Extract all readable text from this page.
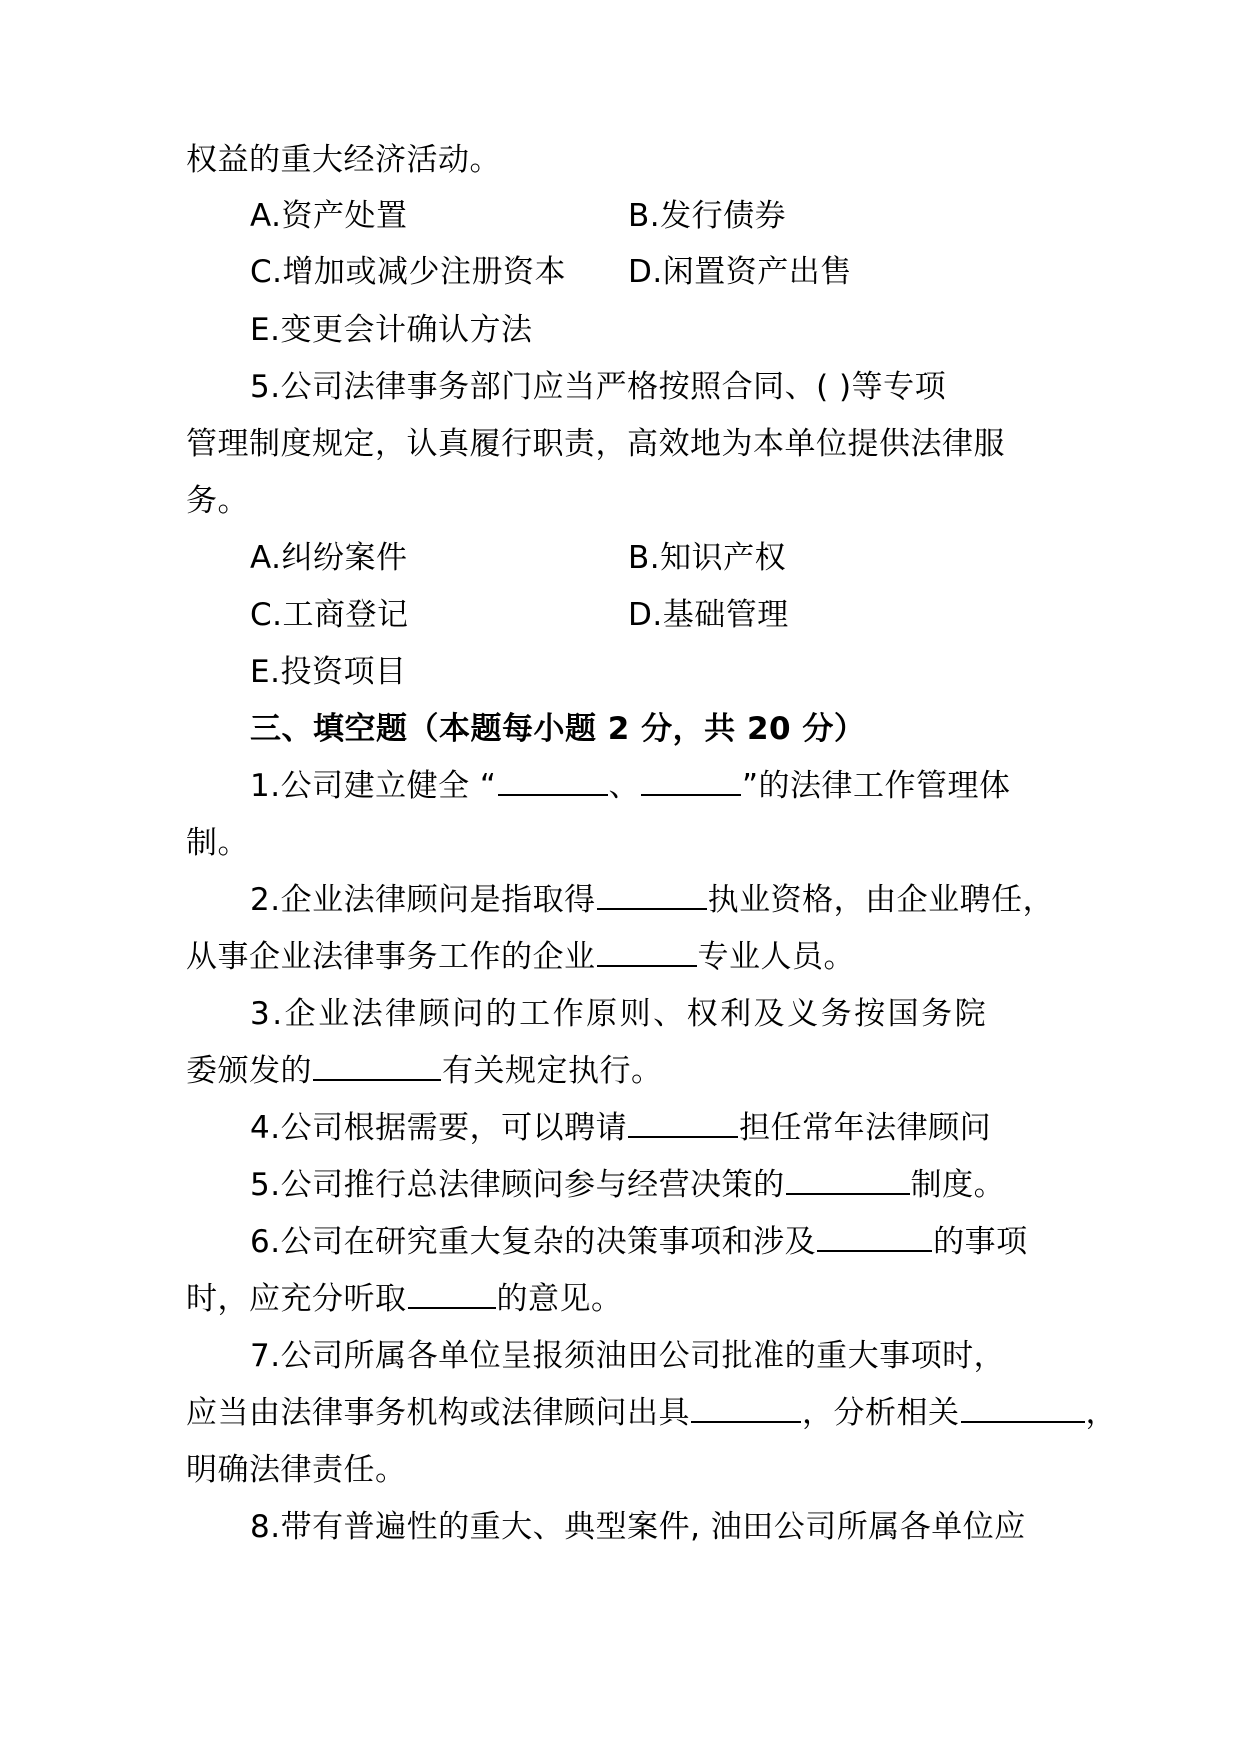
权益的重大经济活动。
A.资产处置	B.发行债券
C.增加或减少注册资本 D.闲置资产出售
E.变更会计确认方法
5.公司法律事务部门应当严格按照合同、( )等专项
管理制度规定，认真履行职责，高效地为本单位提供法律服
务。
A.纠纷案件	B.知识产权
C.工商登记	D.基础管理
E.投资项目
三、填空题（本题每小题 2 分，共 20 分）
1.公司建立健全 “	、	”的法律工作管理体
制。
2.企业法律顾问是指取得	执业资格，由企业聘任，
从事企业法律事务工作的企业	专业人员。
3.企业法律顾问的工作原则、权利及义务按国务院
委颁发的	有关规定执行。
4.公司根据需要，可以聘请	担任常年法律顾问
5.公司推行总法律顾问参与经营决策的	制度。
6.公司在研究重大复杂的决策事项和涉及	的事项
时，应充分听取	的意见。
7.公司所属各单位呈报须油田公司批准的重大事项时，
应当由法律事务机构或法律顾问出具	，分析相关	，
明确法律责任。
8.带有普遍性的重大、典型案件, 油田公司所属各单位应
